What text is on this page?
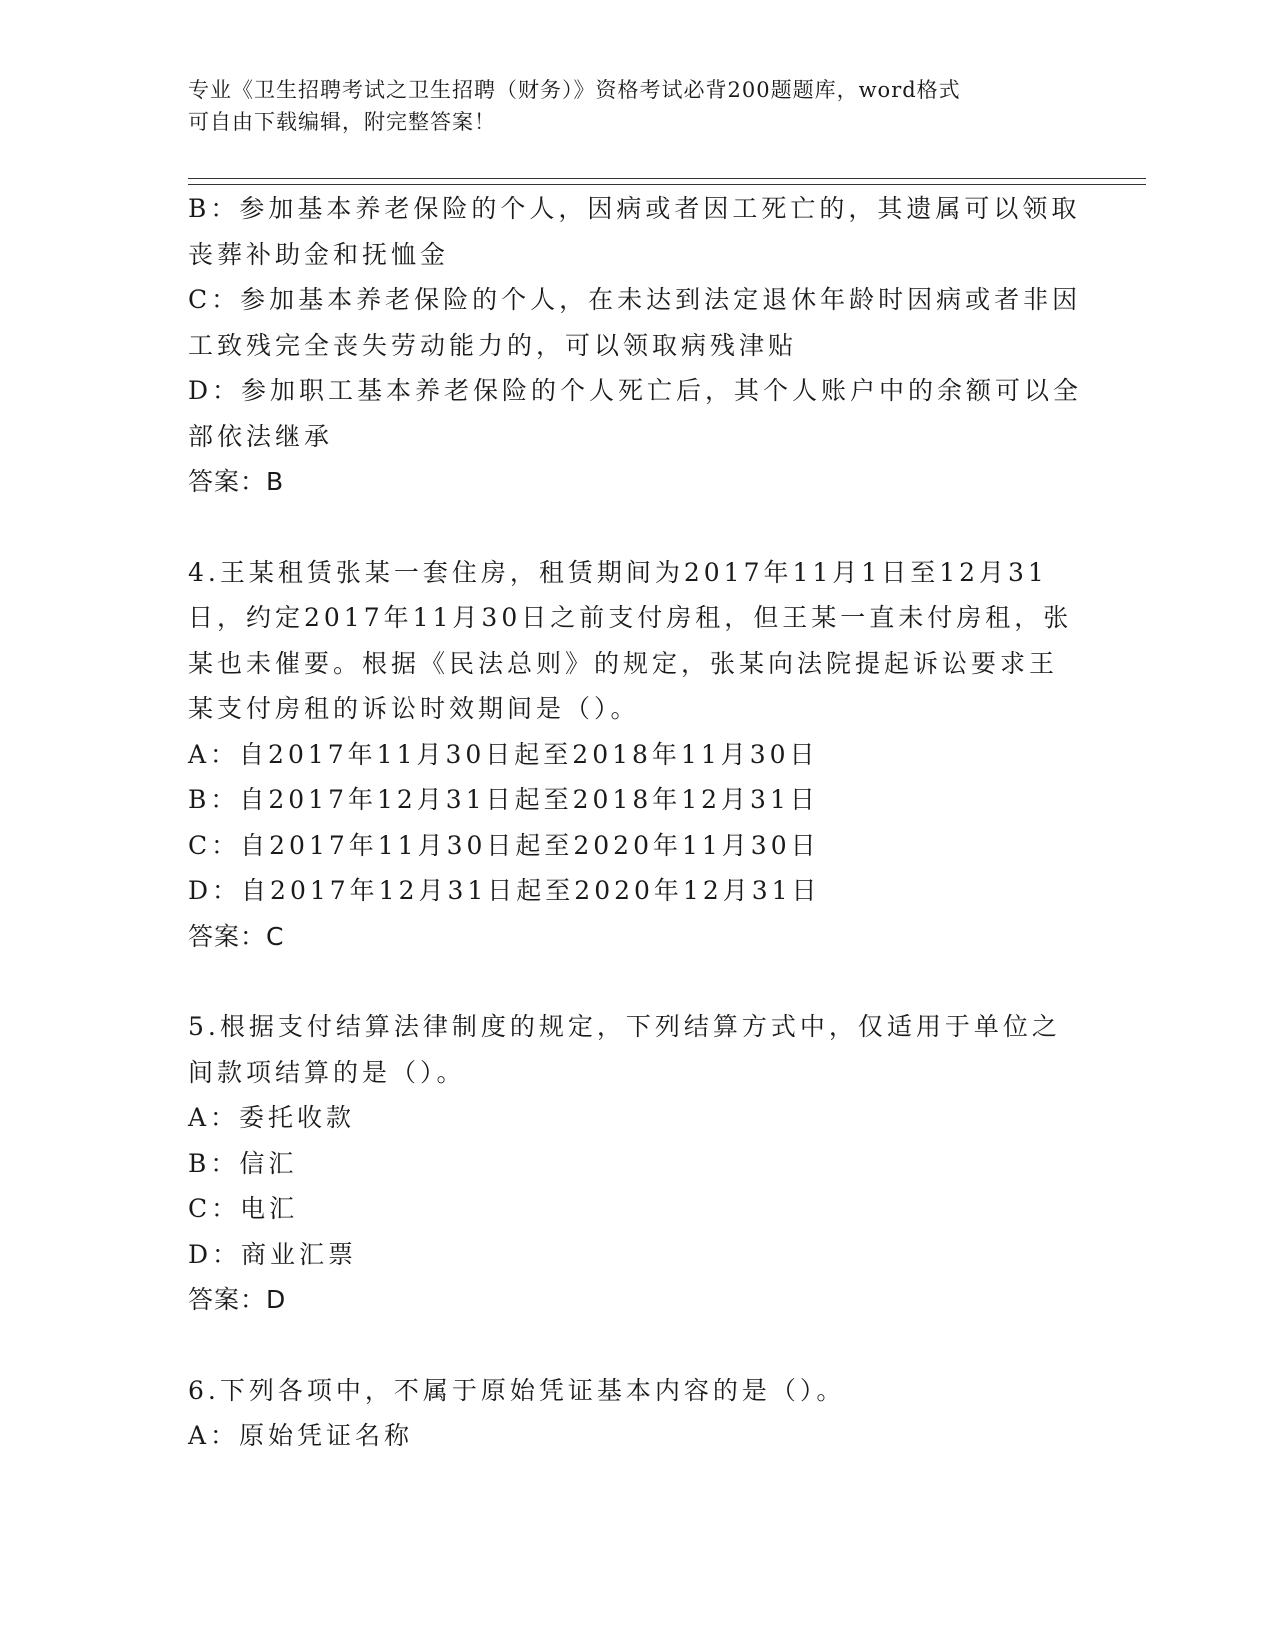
专业《卫生招聘考试之卫生招聘（财务）》资格考试必背200题题库，word格式
可自由下载编辑，附完整答案！
B：参加基本养老保险的个人，因病或者因工死亡的，其遗属可以领取
丧葬补助金和抚恤金
C：参加基本养老保险的个人，在未达到法定退休年龄时因病或者非因
工致残完全丧失劳动能力的，可以领取病残津贴
D：参加职工基本养老保险的个人死亡后，其个人账户中的余额可以全
部依法继承
答案：B
4.王某租赁张某一套住房，租赁期间为2017年11月1日至12月31
日，约定2017年11月30日之前支付房租，但王某一直未付房租，张
某也未催要。根据《民法总则》的规定，张某向法院提起诉讼要求王
某支付房租的诉讼时效期间是（）。
A：自2017年11月30日起至2018年11月30日
B：自2017年12月31日起至2018年12月31日
C：自2017年11月30日起至2020年11月30日
D：自2017年12月31日起至2020年12月31日
答案：C
5.根据支付结算法律制度的规定，下列结算方式中，仅适用于单位之
间款项结算的是（）。
A：委托收款
B：信汇
C：电汇
D：商业汇票
答案：D
6.下列各项中，不属于原始凭证基本内容的是（）。
A：原始凭证名称
